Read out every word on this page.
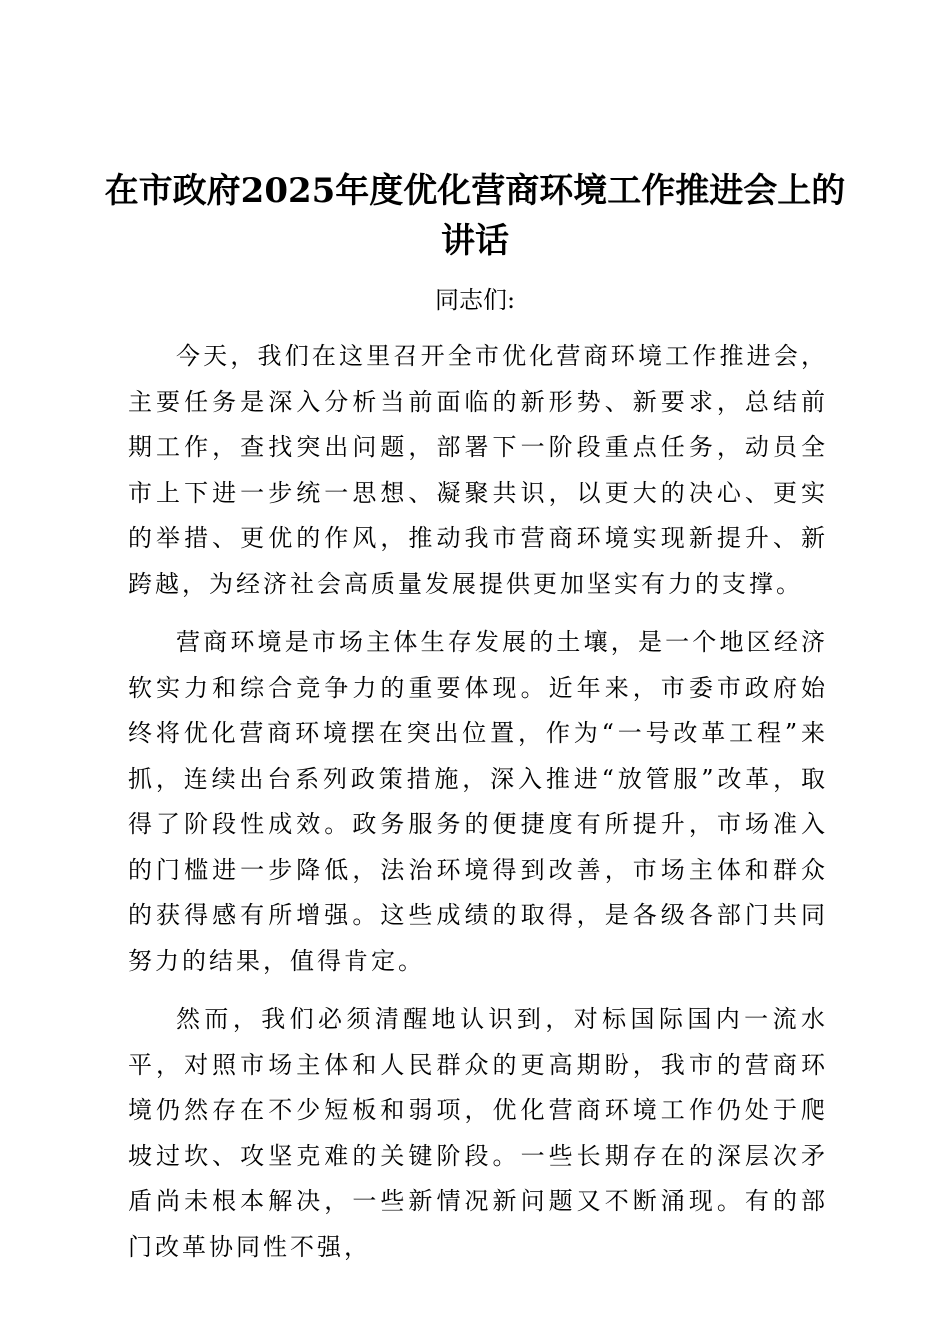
在市政府2025年度优化营商环境工作推进会上的讲话

同志们:

今天，我们在这里召开全市优化营商环境工作推进会，主要任务是深入分析当前面临的新形势、新要求，总结前期工作，查找突出问题，部署下一阶段重点任务，动员全市上下进一步统一思想、凝聚共识，以更大的决心、更实的举措、更优的作风，推动我市营商环境实现新提升、新跨越，为经济社会高质量发展提供更加坚实有力的支撑。

营商环境是市场主体生存发展的土壤，是一个地区经济软实力和综合竞争力的重要体现。近年来，市委市政府始终将优化营商环境摆在突出位置，作为“一号改革工程”来抓，连续出台系列政策措施，深入推进“放管服”改革，取得了阶段性成效。政务服务的便捷度有所提升，市场准入的门槛进一步降低，法治环境得到改善，市场主体和群众的获得感有所增强。这些成绩的取得，是各级各部门共同努力的结果，值得肯定。

然而，我们必须清醒地认识到，对标国际国内一流水平，对照市场主体和人民群众的更高期盼，我市的营商环境仍然存在不少短板和弱项，优化营商环境工作仍处于爬坡过坎、攻坚克难的关键阶段。一些长期存在的深层次矛盾尚未根本解决，一些新情况新问题又不断涌现。有的部门改革协同性不强，
